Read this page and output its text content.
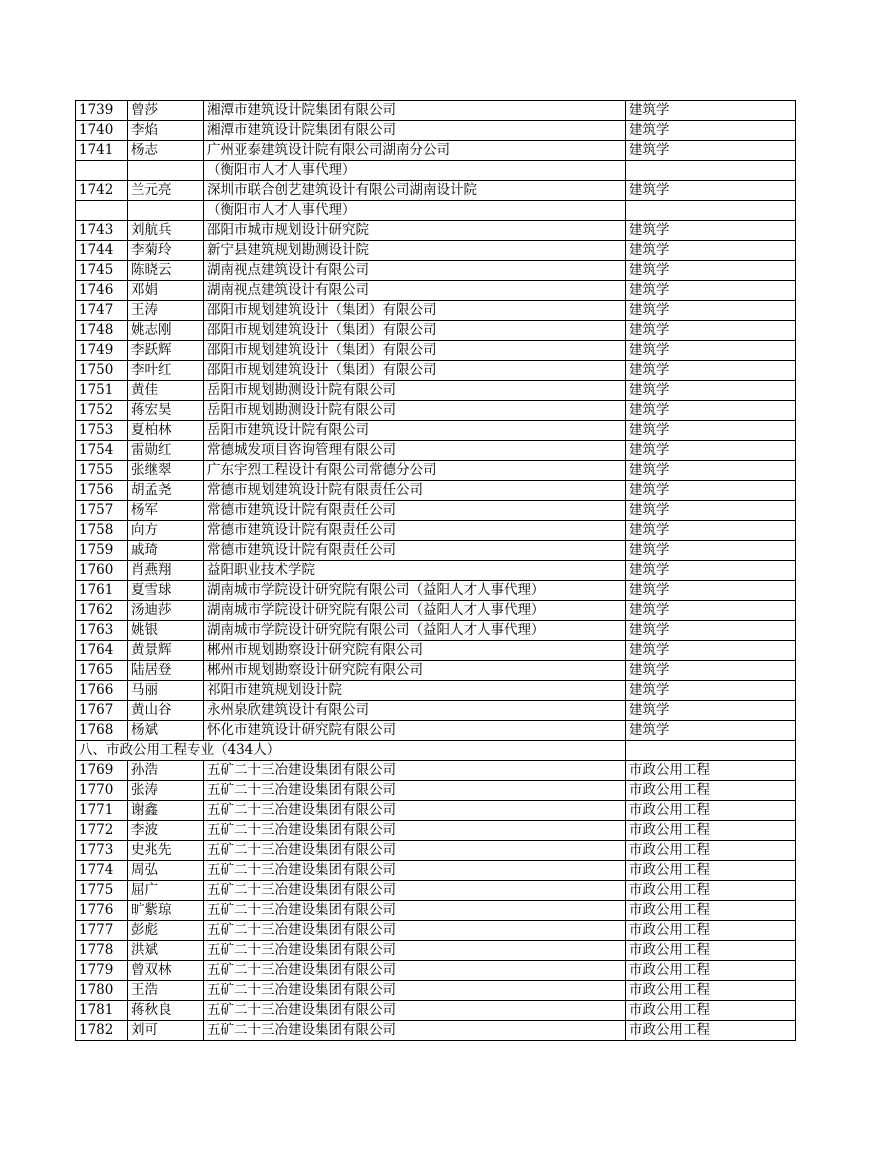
1739	曾莎	湘潭市建筑设计院集团有限公司	建筑学
1740	李焰	湘潭市建筑设计院集团有限公司	建筑学
1741	杨志	广州亚泰建筑设计院有限公司湖南分公司	建筑学
		（衡阳市人才人事代理）	
1742	兰元亮	深圳市联合创艺建筑设计有限公司湖南设计院	建筑学
		（衡阳市人才人事代理）	
1743	刘航兵	邵阳市城市规划设计研究院	建筑学
1744	李菊玲	新宁县建筑规划勘测设计院	建筑学
1745	陈晓云	湖南视点建筑设计有限公司	建筑学
1746	邓娟	湖南视点建筑设计有限公司	建筑学
1747	王涛	邵阳市规划建筑设计（集团）有限公司	建筑学
1748	姚志刚	邵阳市规划建筑设计（集团）有限公司	建筑学
1749	李跃辉	邵阳市规划建筑设计（集团）有限公司	建筑学
1750	李叶红	邵阳市规划建筑设计（集团）有限公司	建筑学
1751	黄佳	岳阳市规划勘测设计院有限公司	建筑学
1752	蒋宏昊	岳阳市规划勘测设计院有限公司	建筑学
1753	夏柏林	岳阳市建筑设计院有限公司	建筑学
1754	雷勋红	常德城发项目咨询管理有限公司	建筑学
1755	张继翠	广东宇烈工程设计有限公司常德分公司	建筑学
1756	胡孟尧	常德市规划建筑设计院有限责任公司	建筑学
1757	杨军	常德市建筑设计院有限责任公司	建筑学
1758	向方	常德市建筑设计院有限责任公司	建筑学
1759	戚琦	常德市建筑设计院有限责任公司	建筑学
1760	肖燕翔	益阳职业技术学院	建筑学
1761	夏雪球	湖南城市学院设计研究院有限公司（益阳人才人事代理）	建筑学
1762	汤迪莎	湖南城市学院设计研究院有限公司（益阳人才人事代理）	建筑学
1763	姚银	湖南城市学院设计研究院有限公司（益阳人才人事代理）	建筑学
1764	黄景辉	郴州市规划勘察设计研究院有限公司	建筑学
1765	陆居登	郴州市规划勘察设计研究院有限公司	建筑学
1766	马丽	祁阳市建筑规划设计院	建筑学
1767	黄山谷	永州泉欣建筑设计有限公司	建筑学
1768	杨斌	怀化市建筑设计研究院有限公司	建筑学
八、市政公用工程专业（434人）			
1769	孙浩	五矿二十三冶建设集团有限公司	市政公用工程
1770	张涛	五矿二十三冶建设集团有限公司	市政公用工程
1771	谢鑫	五矿二十三冶建设集团有限公司	市政公用工程
1772	李波	五矿二十三冶建设集团有限公司	市政公用工程
1773	史兆先	五矿二十三冶建设集团有限公司	市政公用工程
1774	周弘	五矿二十三冶建设集团有限公司	市政公用工程
1775	屈广	五矿二十三冶建设集团有限公司	市政公用工程
1776	旷紫琼	五矿二十三冶建设集团有限公司	市政公用工程
1777	彭彪	五矿二十三冶建设集团有限公司	市政公用工程
1778	洪斌	五矿二十三冶建设集团有限公司	市政公用工程
1779	曾双林	五矿二十三冶建设集团有限公司	市政公用工程
1780	王浩	五矿二十三冶建设集团有限公司	市政公用工程
1781	蒋秋良	五矿二十三冶建设集团有限公司	市政公用工程
1782	刘可	五矿二十三冶建设集团有限公司	市政公用工程
